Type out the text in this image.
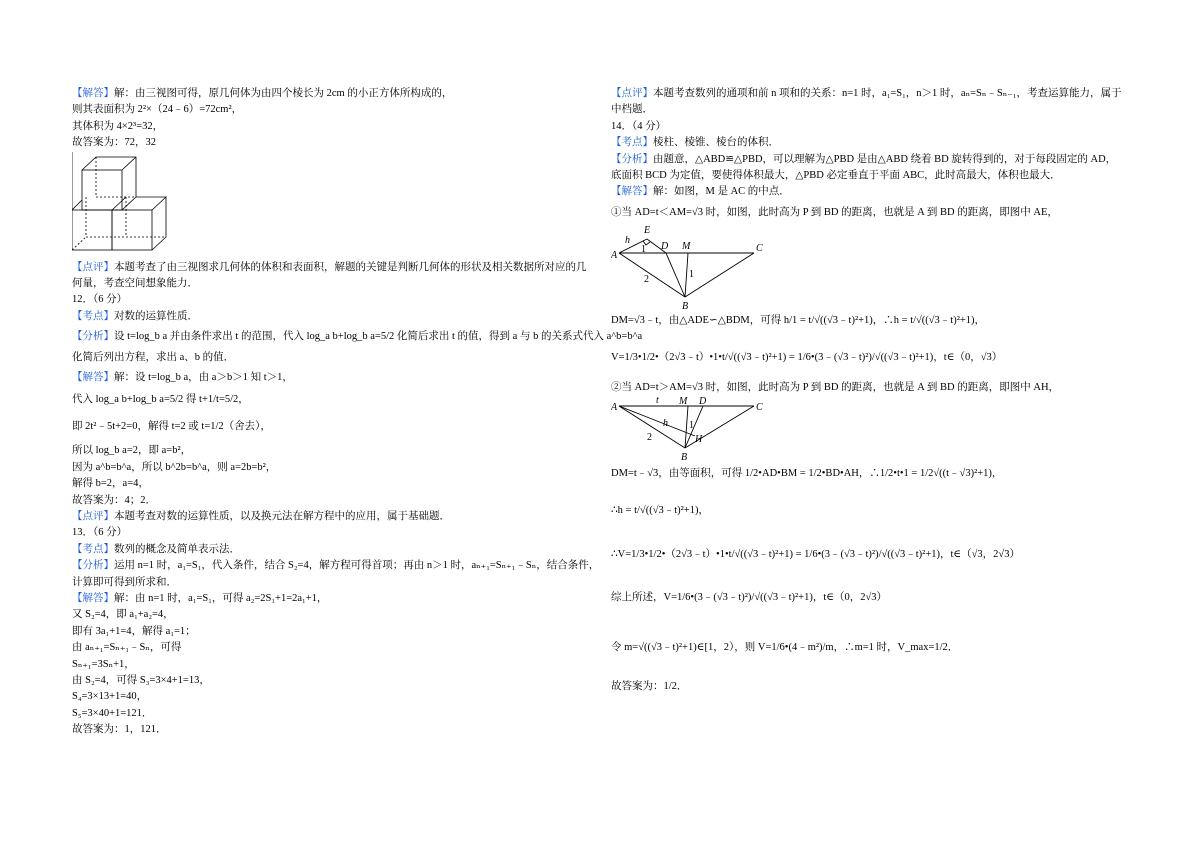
【解答】解：由三视图可得，原几何体为由四个棱长为 2cm 的小正方体所构成的，
则其表面积为 2²×（24﹣6）=72cm²，
其体积为 4×2³=32，
故答案为：72，32
【点评】本题考查了由三视图求几何体的体积和表面积，解题的关键是判断几何体的形状及相关数据所对应的几
何量，考查空间想象能力．
12．（6 分）
【考点】对数的运算性质．
【分析】设 t=log_b a 并由条件求出 t 的范围，代入 log_a b+log_b a=5/2 化简后求出 t 的值，得到 a 与 b 的关系式代入 a^b=b^a
化简后列出方程，求出 a、b 的值．
【解答】解：设 t=log_b a，由 a＞b＞1 知 t＞1，
代入 log_a b+log_b a=5/2 得 t+1/t=5/2，
即 2t²﹣5t+2=0，解得 t=2 或 t=1/2（舍去），
所以 log_b a=2，即 a=b²，
因为 a^b=b^a，所以 b^2b=b^a，则 a=2b=b²，
解得 b=2，a=4，
故答案为：4；2．
【点评】本题考查对数的运算性质，以及换元法在解方程中的应用，属于基础题．
13．（6 分）
【考点】数列的概念及简单表示法．
【分析】运用 n=1 时，a₁=S₁，代入条件，结合 S₂=4，解方程可得首项；再由 n＞1 时，aₙ₊₁=Sₙ₊₁﹣Sₙ，结合条件，
计算即可得到所求和．
【解答】解：由 n=1 时，a₁=S₁，可得 a₂=2S₁+1=2a₁+1，
又 S₂=4，即 a₁+a₂=4，
即有 3a₁+1=4，解得 a₁=1；
由 aₙ₊₁=Sₙ₊₁﹣Sₙ，可得
Sₙ₊₁=3Sₙ+1，
由 S₂=4，可得 S₃=3×4+1=13，
S₄=3×13+1=40，
S₅=3×40+1=121．
故答案为：1，121．
【点评】本题考查数列的通项和前 n 项和的关系：n=1 时，a₁=S₁，n＞1 时，aₙ=Sₙ﹣Sₙ₋₁，考查运算能力，属于
中档题．
14．（4 分）
【考点】棱柱、棱锥、棱台的体积．
【分析】由题意，△ABD≌△PBD，可以理解为△PBD 是由△ABD 绕着 BD 旋转得到的，对于每段固定的 AD，
底面积 BCD 为定值，要使得体积最大，△PBD 必定垂直于平面 ABC，此时高最大，体积也最大．
【解答】解：如图，M 是 AC 的中点．
①当 AD=t＜AM=√3 时，如图，此时高为 P 到 BD 的距离，也就是 A 到 BD 的距离，即图中 AE，
E
D M	C
A
B
h
1
1
2
DM=√3﹣t，由△ADE∽△BDM，可得 h/1 = t/√((√3﹣t)²+1)，∴h = t/√((√3﹣t)²+1)，
V=1/3•1/2•（2√3﹣t）•1•t/√((√3﹣t)²+1) = 1/6•(3﹣(√3﹣t)²)/√((√3﹣t)²+1)，t∈（0，√3）
②当 AD=t＞AM=√3 时，如图，此时高为 P 到 BD 的距离，也就是 A 到 BD 的距离，即图中 AH，
t M D
C
A
h 1
2	H
B
DM=t﹣√3，由等面积，可得 1/2•AD•BM = 1/2•BD•AH，∴1/2•t•1 = 1/2√((t﹣√3)²+1)，
∴h = t/√((√3﹣t)²+1)，
∴V=1/3•1/2•（2√3﹣t）•1•t/√((√3﹣t)²+1) = 1/6•(3﹣(√3﹣t)²)/√((√3﹣t)²+1)，t∈（√3，2√3）
综上所述，V=1/6•(3﹣(√3﹣t)²)/√((√3﹣t)²+1)，t∈（0，2√3）
令 m=√((√3﹣t)²+1)∈[1，2），则 V=1/6•(4﹣m²)/m，∴m=1 时，V_max=1/2．
故答案为：1/2．
